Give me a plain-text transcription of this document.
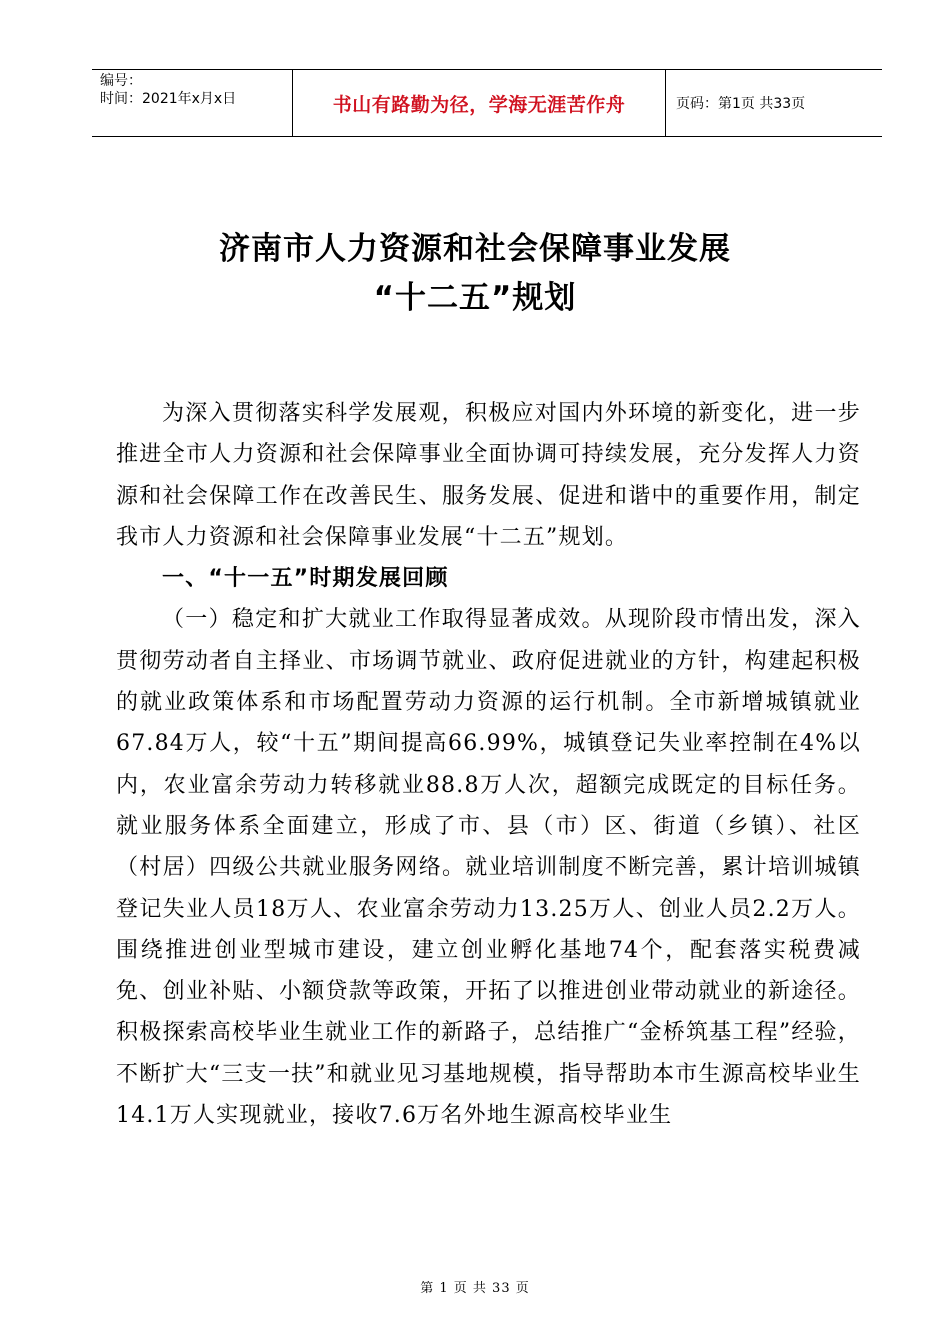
编号：
时间：2021年x月x日	书山有路勤为径，学海无涯苦作舟	页码：第1页 共33页
济南市人力资源和社会保障事业发展
“十二五”规划

为深入贯彻落实科学发展观，积极应对国内外环境的新变化，进一步推进全市人力资源和社会保障事业全面协调可持续发展，充分发挥人力资源和社会保障工作在改善民生、服务发展、促进和谐中的重要作用，制定我市人力资源和社会保障事业发展“十二五”规划。

一、“十一五”时期发展回顾

（一）稳定和扩大就业工作取得显著成效。从现阶段市情出发，深入贯彻劳动者自主择业、市场调节就业、政府促进就业的方针，构建起积极的就业政策体系和市场配置劳动力资源的运行机制。全市新增城镇就业67.84万人，较“十五”期间提高66.99%，城镇登记失业率控制在4%以内，农业富余劳动力转移就业88.8万人次，超额完成既定的目标任务。就业服务体系全面建立，形成了市、县（市）区、街道（乡镇）、社区（村居）四级公共就业服务网络。就业培训制度不断完善，累计培训城镇登记失业人员18万人、农业富余劳动力13.25万人、创业人员2.2万人。围绕推进创业型城市建设，建立创业孵化基地74个，配套落实税费减免、创业补贴、小额贷款等政策，开拓了以推进创业带动就业的新途径。积极探索高校毕业生就业工作的新路子，总结推广“金桥筑基工程”经验，不断扩大“三支一扶”和就业见习基地规模，指导帮助本市生源高校毕业生14.1万人实现就业，接收7.6万名外地生源高校毕业生

第 1 页 共 33 页
